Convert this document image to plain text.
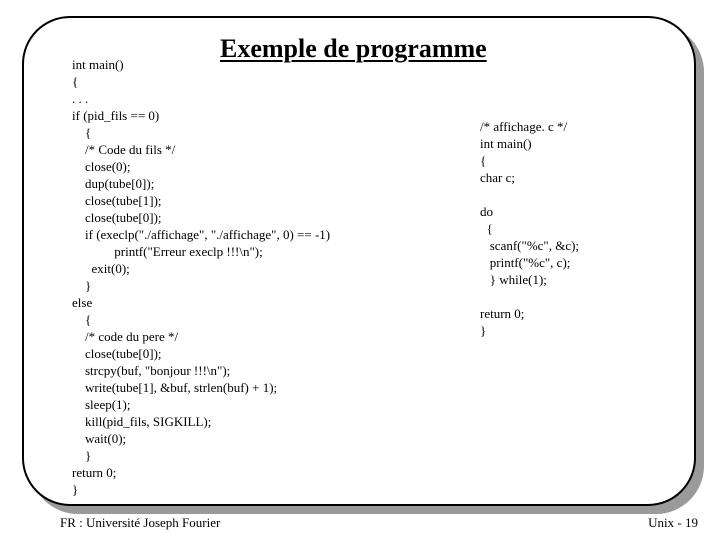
Exemple de programme
int main()
{
. . .
if (pid_fils == 0)
{
/* Code du fils */
close(0);
dup(tube[0]);
close(tube[1]);
close(tube[0]);
if (execlp("./affichage", "./affichage", 0) == -1)
printf("Erreur execlp !!!\n");
exit(0);
}
else
{
/* code du pere */
close(tube[0]);
strcpy(buf, "bonjour !!!\n");
write(tube[1], &buf, strlen(buf) + 1);
sleep(1);
kill(pid_fils, SIGKILL);
wait(0);
}
return 0;
}
/* affichage. c */
int main()
{
char c;
do
{
scanf("%c", &c);
printf("%c", c);
} while(1);
return 0;
}
FR : Université Joseph Fourier	Unix - 19
